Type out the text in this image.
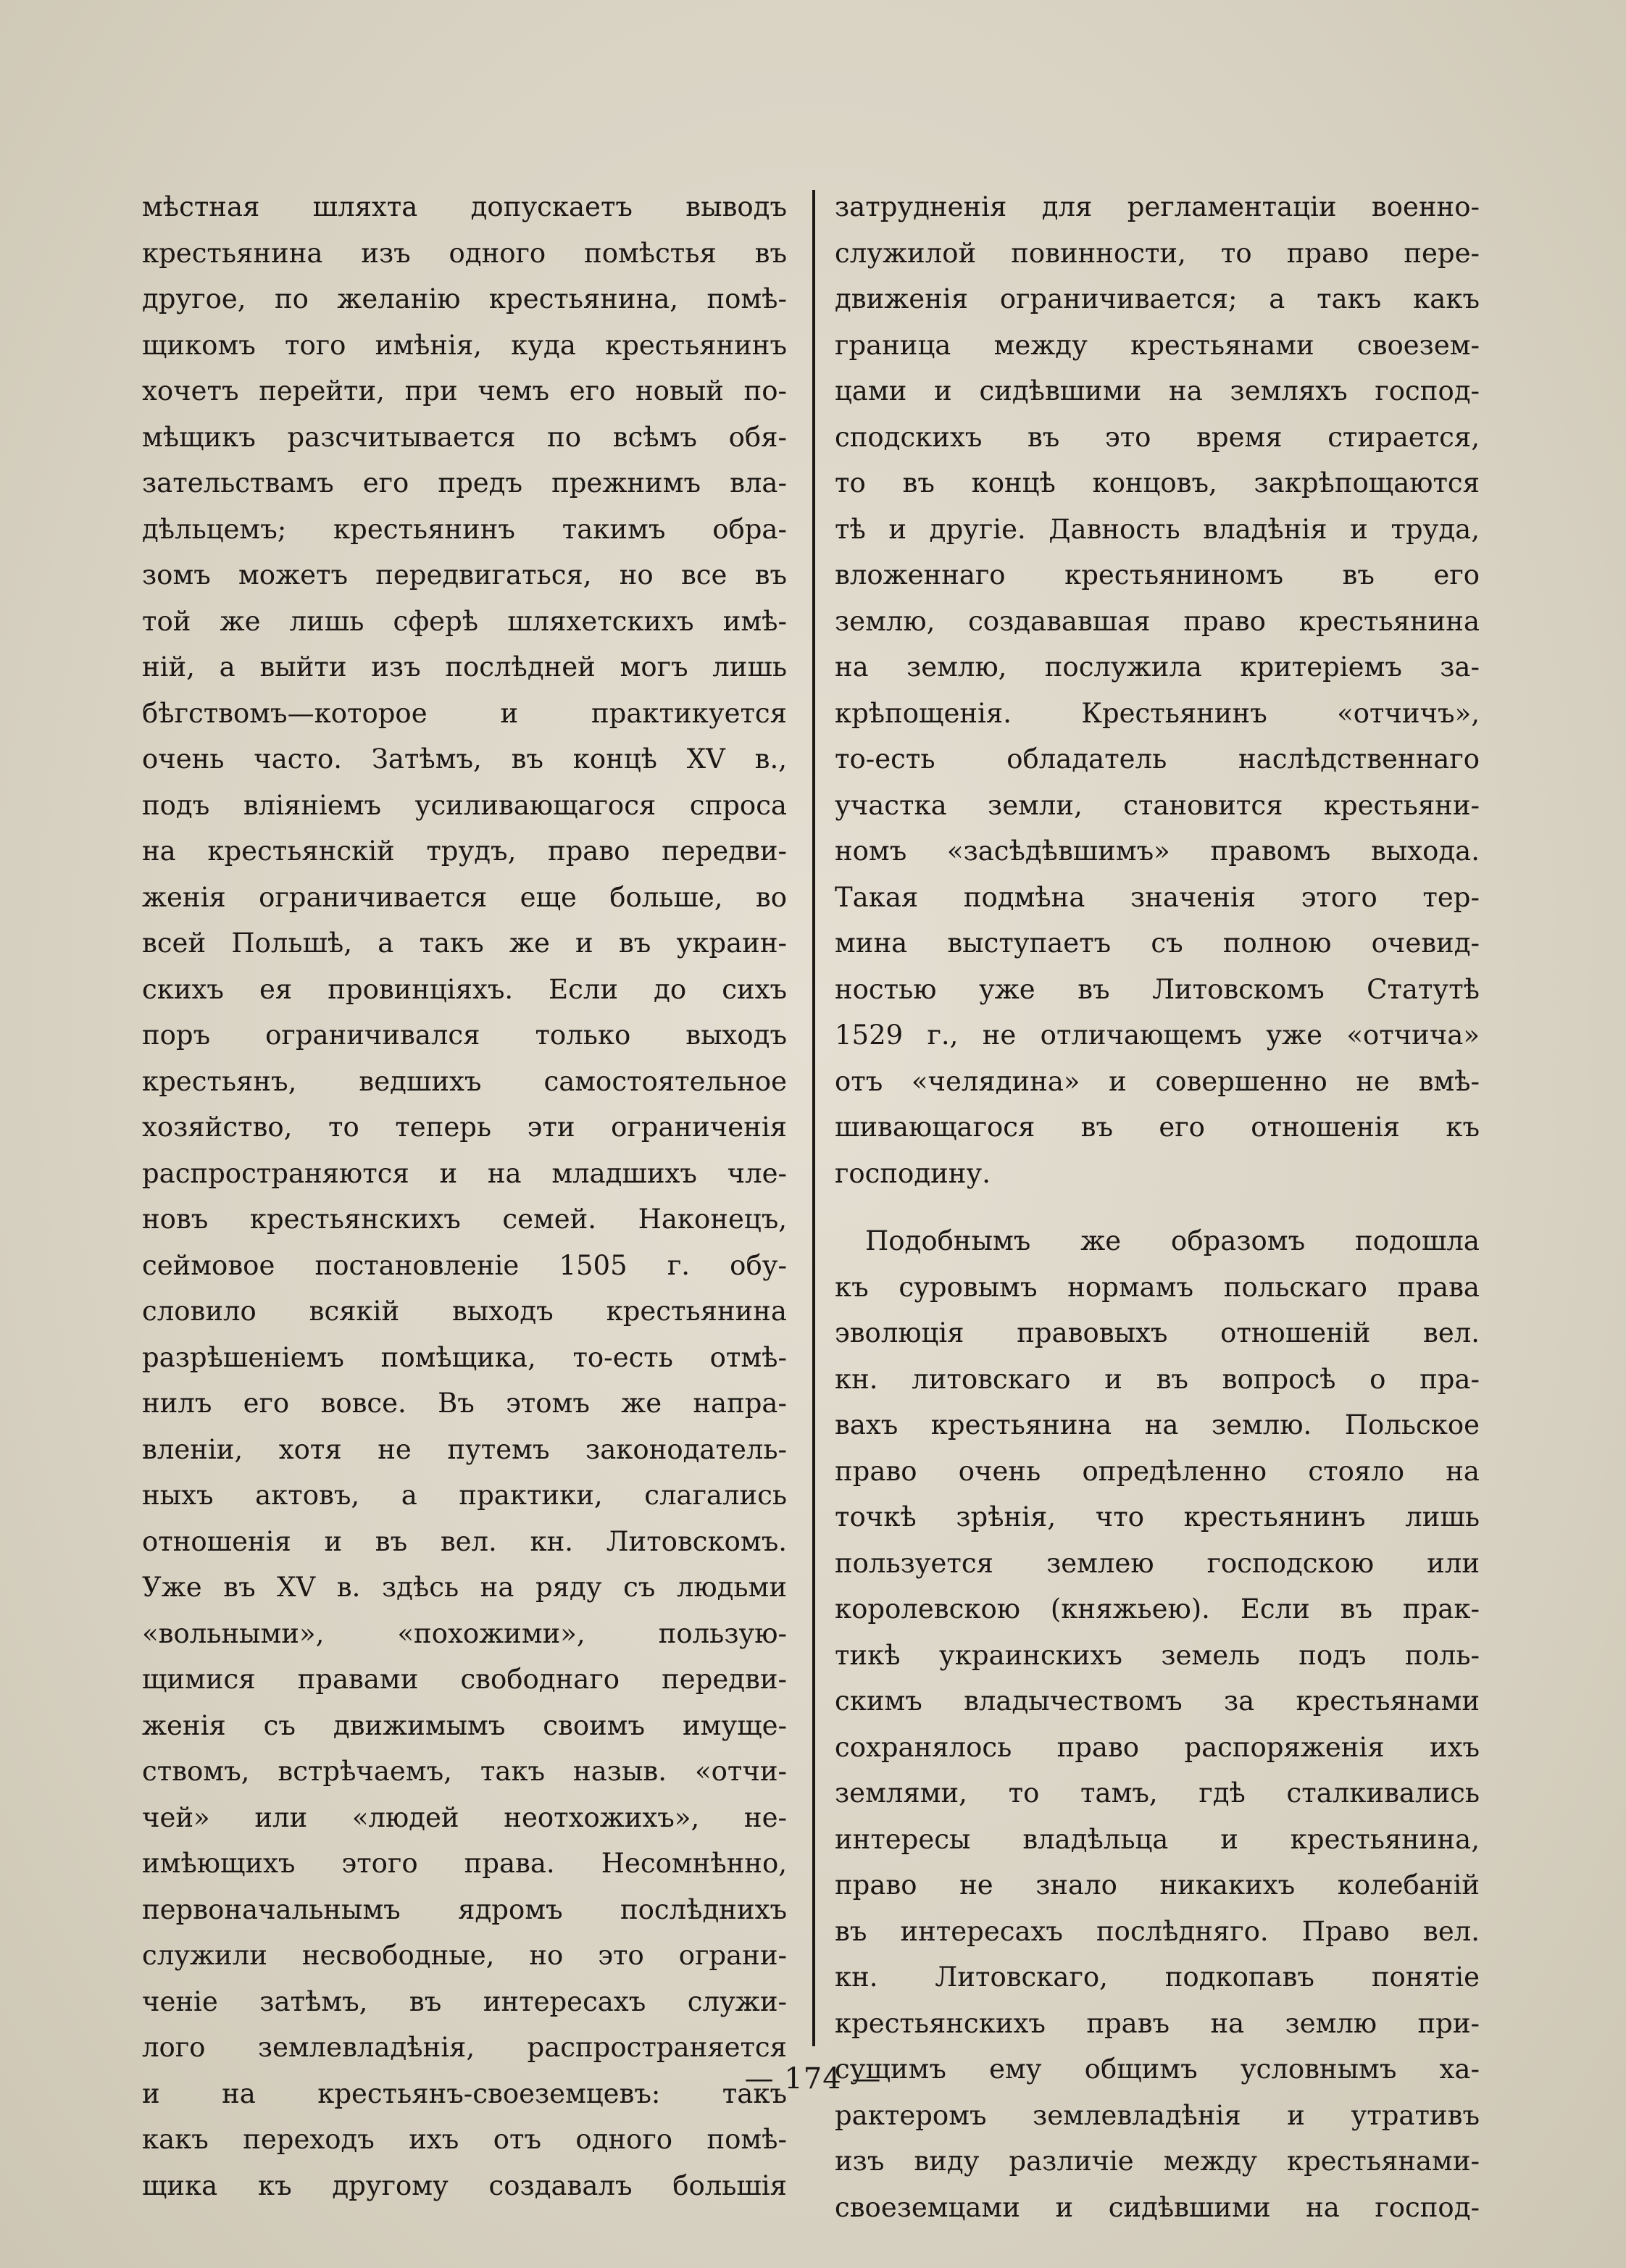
мѣстная шляхта допускаетъ выводъ
крестьянина изъ одного помѣстья въ
другое, по желанію крестьянина, помѣ-
щикомъ того имѣнія, куда крестьянинъ
хочетъ перейти, при чемъ его новый по-
мѣщикъ разсчитывается по всѣмъ обя-
зательствамъ его предъ прежнимъ вла-
дѣльцемъ; крестьянинъ такимъ обра-
зомъ можетъ передвигаться, но все въ
той же лишь сферѣ шляхетскихъ имѣ-
ній, а выйти изъ послѣдней могъ лишь
бѣгствомъ—которое и практикуется
очень часто. Затѣмъ, въ концѣ XV в.,
подъ вліяніемъ усиливающагося спроса
на крестьянскій трудъ, право передви-
женія ограничивается еще больше, во
всей Польшѣ, а такъ же и въ украин-
скихъ ея провинціяхъ. Если до сихъ
поръ ограничивался только выходъ
крестьянъ, ведшихъ самостоятельное
хозяйство, то теперь эти ограниченія
распространяются и на младшихъ чле-
новъ крестьянскихъ семей. Наконецъ,
сеймовое постановленіе 1505 г. обу-
словило всякій выходъ крестьянина
разрѣшеніемъ помѣщика, то-есть отмѣ-
нилъ его вовсе. Въ этомъ же напра-
вленіи, хотя не путемъ законодатель-
ныхъ актовъ, а практики, слагались
отношенія и въ вел. кн. Литовскомъ.
Уже въ XV в. здѣсь на ряду съ людьми
«вольными», «похожими», пользую-
щимися правами свободнаго передви-
женія съ движимымъ своимъ имуще-
ствомъ, встрѣчаемъ, такъ назыв. «отчи-
чей» или «людей неотхожихъ», не-
имѣющихъ этого права. Несомнѣнно,
первоначальнымъ ядромъ послѣднихъ
служили несвободные, но это ограни-
ченіе затѣмъ, въ интересахъ служи-
лого землевладѣнія, распространяется
и на крестьянъ-своеземцевъ: такъ
какъ переходъ ихъ отъ одного помѣ-
щика къ другому создавалъ большія
затрудненія для регламентаціи военно-
служилой повинности, то право пере-
движенія ограничивается; а такъ какъ
граница между крестьянами своезем-
цами и сидѣвшими на земляхъ господ-
сподскихъ въ это время стирается,
то въ концѣ концовъ, закрѣпощаются
тѣ и другіе. Давность владѣнія и труда,
вложеннаго крестьяниномъ въ его
землю, создававшая право крестьянина
на землю, послужила критеріемъ за-
крѣпощенія. Крестьянинъ «отчичъ»,
то-есть обладатель наслѣдственнаго
участка земли, становится крестьяни-
номъ «засѣдѣвшимъ» правомъ выхода.
Такая подмѣна значенія этого тер-
мина выступаетъ съ полною очевид-
ностью уже въ Литовскомъ Статутѣ
1529 г., не отличающемъ уже «отчича»
отъ «челядина» и совершенно не вмѣ-
шивающагося въ его отношенія къ
господину.
Подобнымъ же образомъ подошла
къ суровымъ нормамъ польскаго права
эволюція правовыхъ отношеній вел.
кн. литовскаго и въ вопросѣ о пра-
вахъ крестьянина на землю. Польское
право очень опредѣленно стояло на
точкѣ зрѣнія, что крестьянинъ лишь
пользуется землею господскою или
королевскою (княжьею). Если въ прак-
тикѣ украинскихъ земель подъ поль-
скимъ владычествомъ за крестьянами
сохранялось право распоряженія ихъ
землями, то тамъ, гдѣ сталкивались
интересы владѣльца и крестьянина,
право не знало никакихъ колебаній
въ интересахъ послѣдняго. Право вел.
кн. Литовскаго, подкопавъ понятіе
крестьянскихъ правъ на землю при-
сущимъ ему общимъ условнымъ ха-
рактеромъ землевладѣнія и утративъ
изъ виду различіе между крестьянами-
своеземцами и сидѣвшими на господ-
— 174 —
